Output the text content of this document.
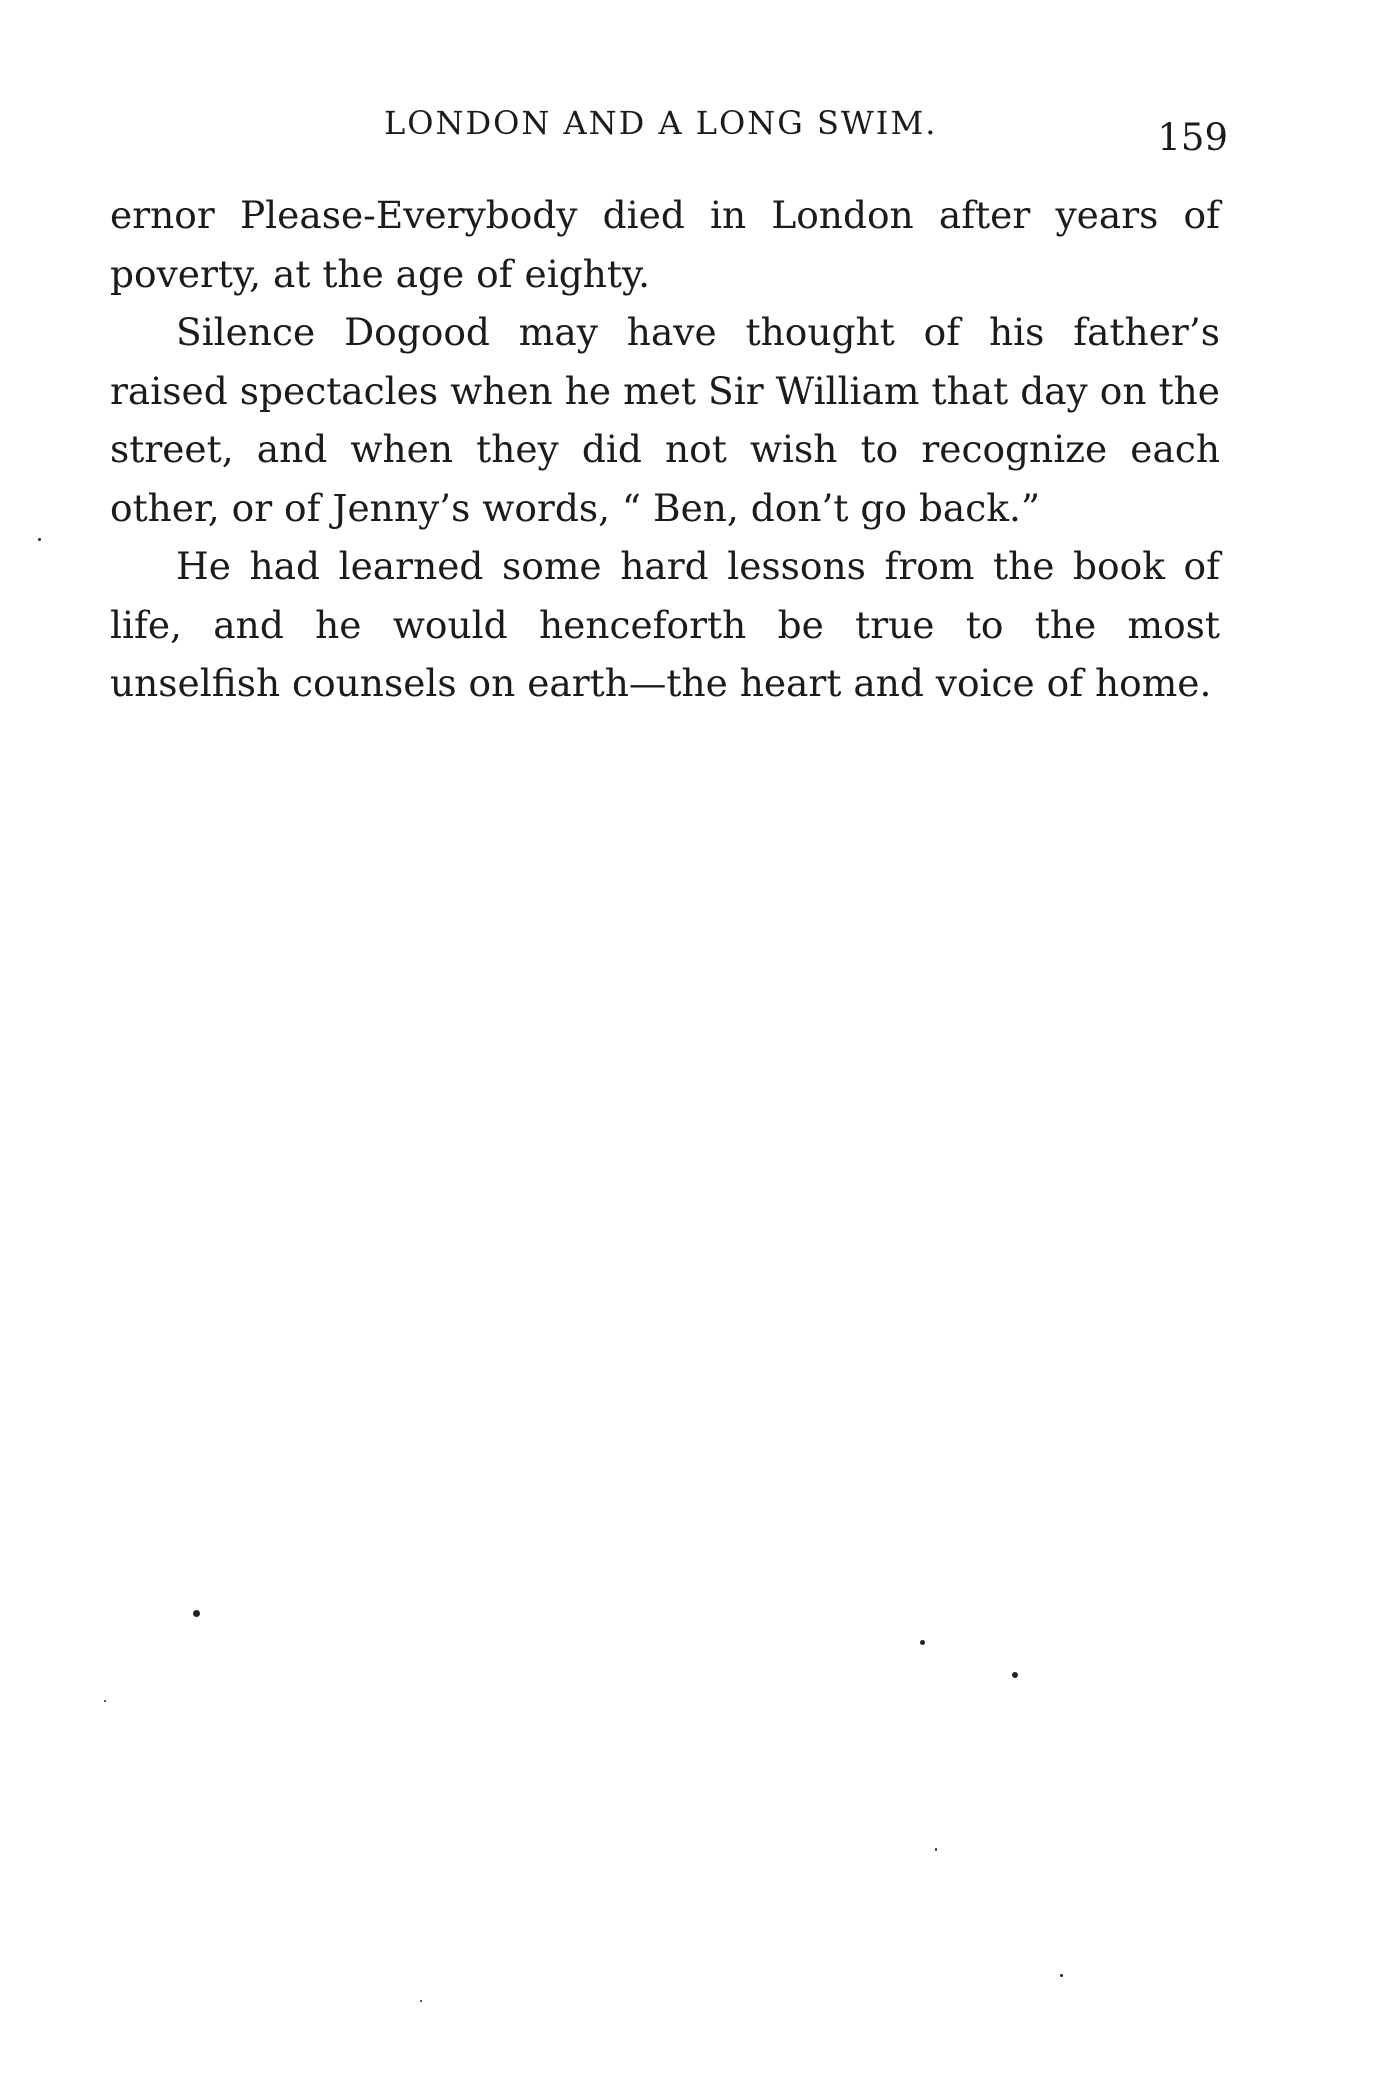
LONDON AND A LONG SWIM.	159

ernor Please-Everybody died in London after years of poverty, at the age of eighty.

Silence Dogood may have thought of his father’s raised spectacles when he met Sir William that day on the street, and when they did not wish to recognize each other, or of Jenny’s words, “ Ben, don’t go back.”

He had learned some hard lessons from the book of life, and he would henceforth be true to the most unselfish counsels on earth—the heart and voice of home.
